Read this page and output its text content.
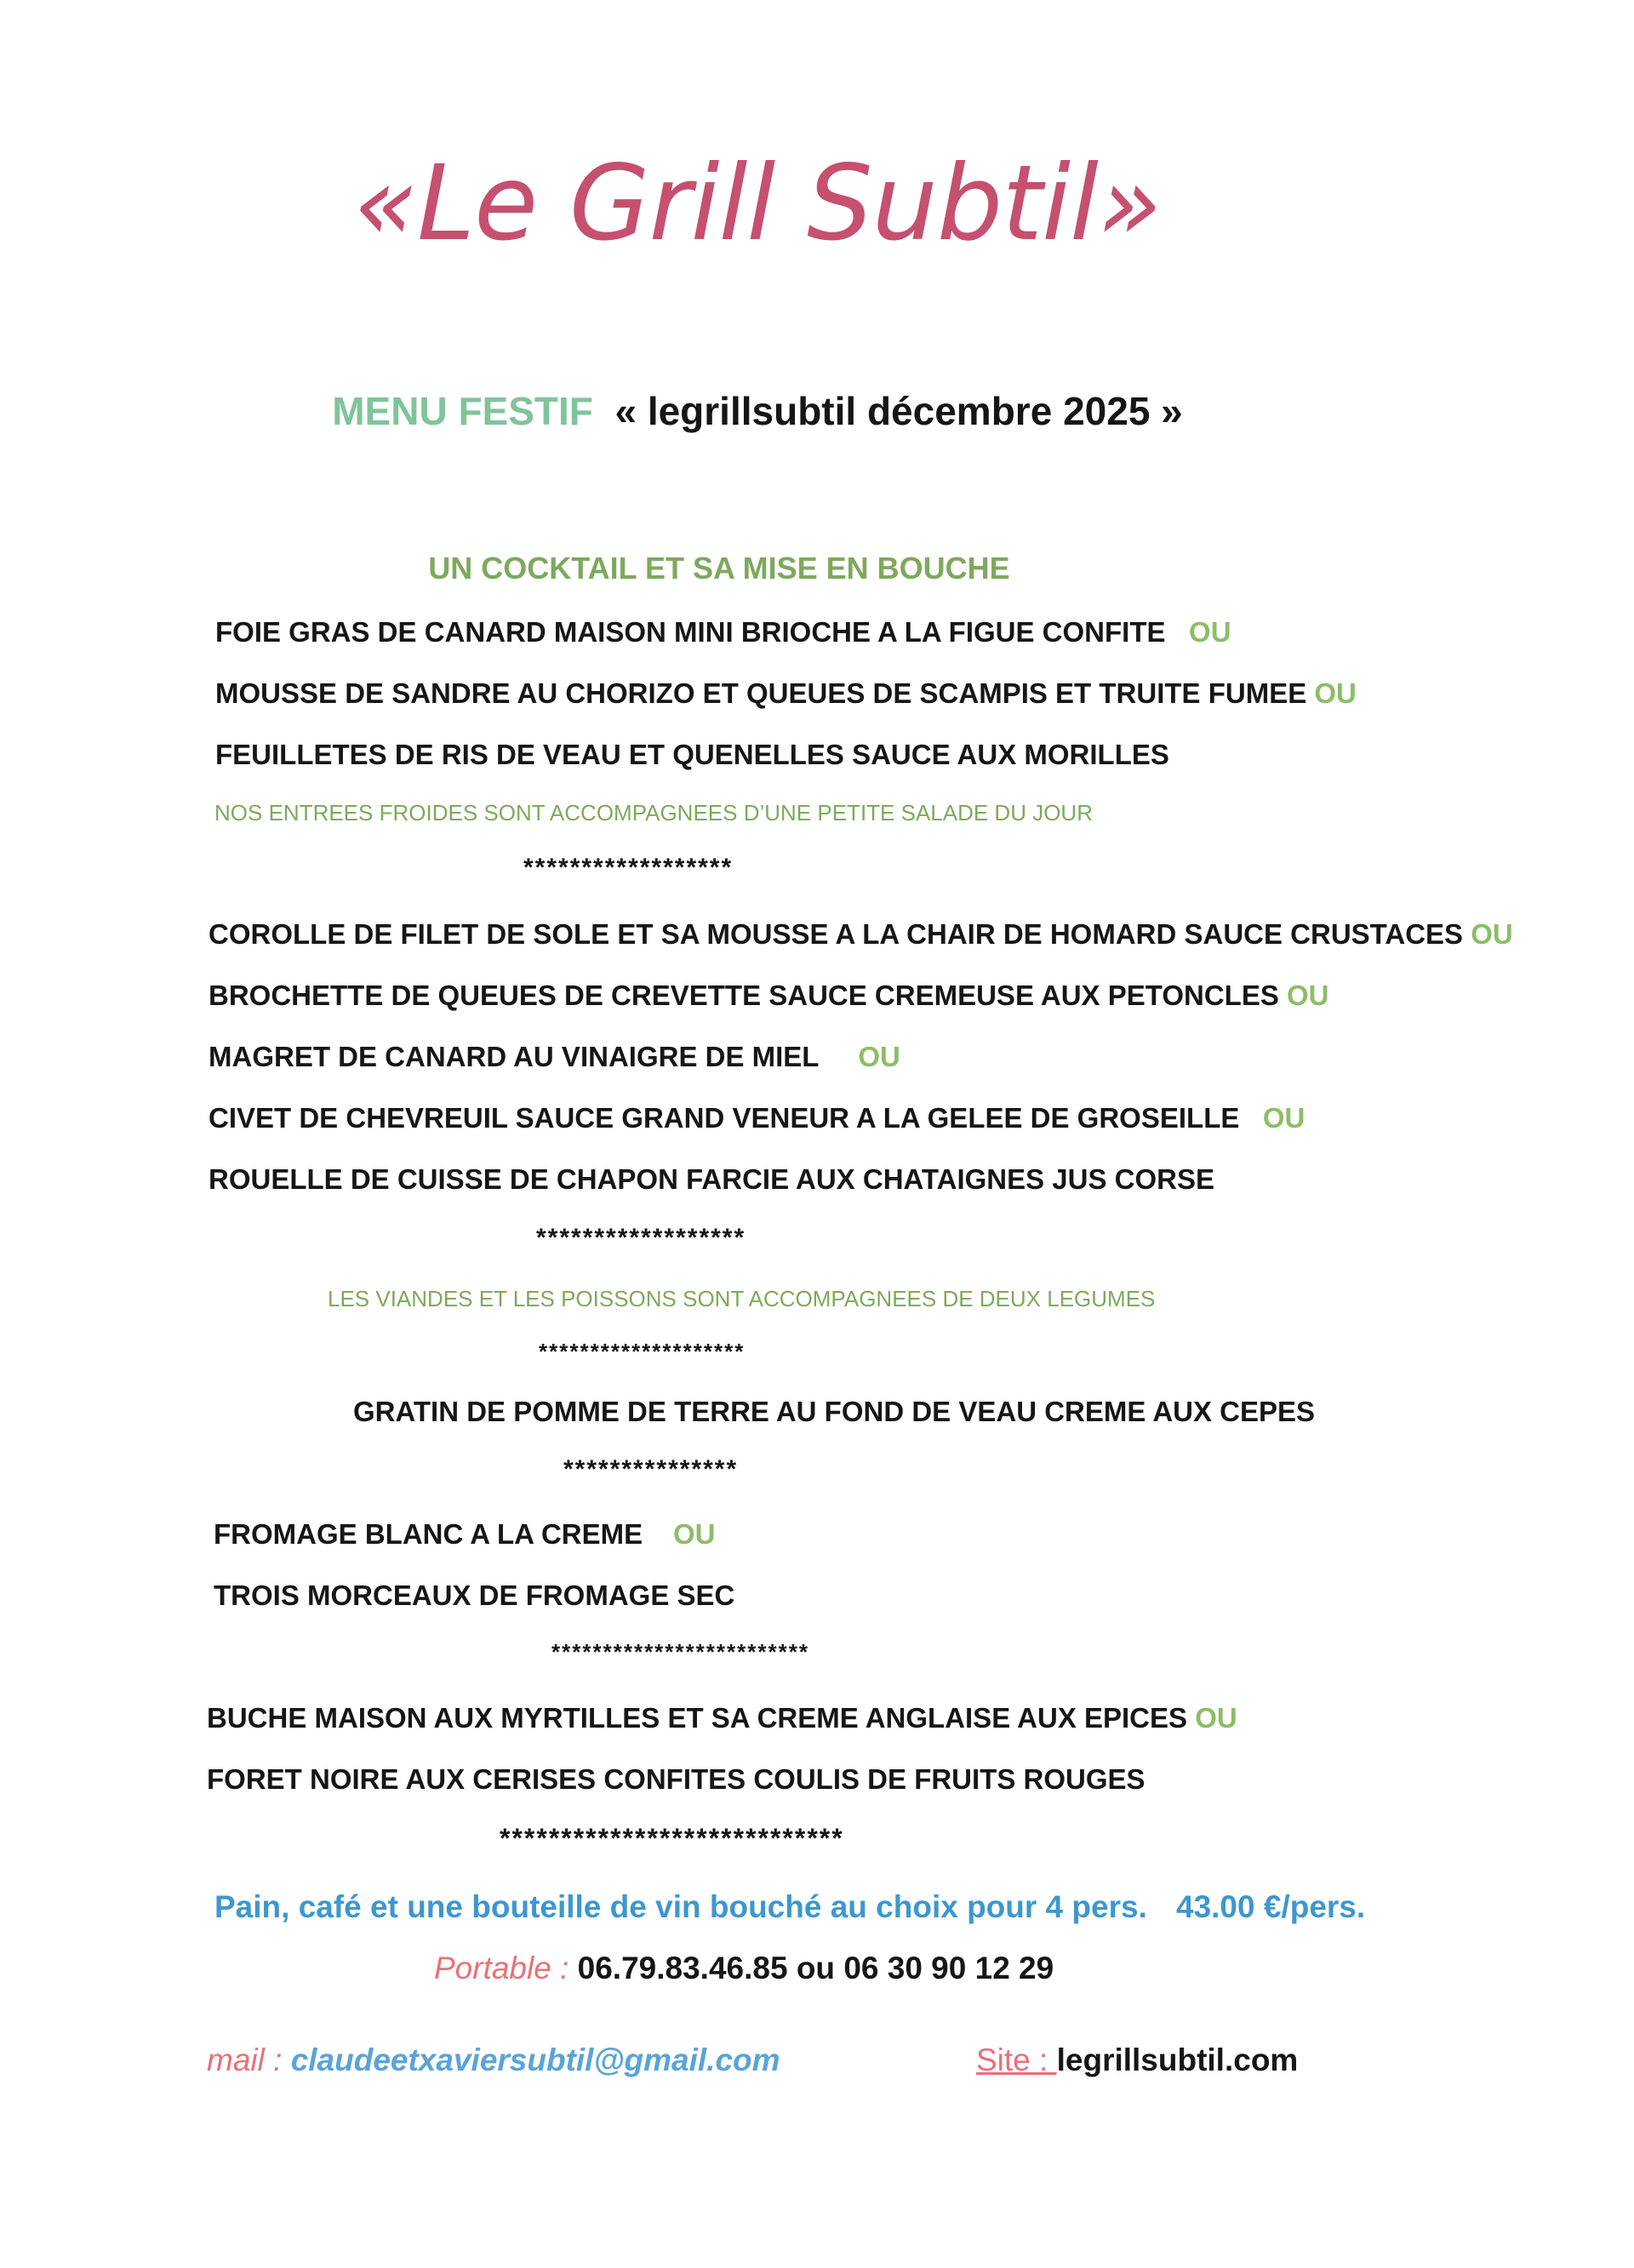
«Le Grill Subtil»
MENU FESTIF « legrillsubtil décembre 2025 »
UN COCKTAIL ET SA MISE EN BOUCHE
FOIE GRAS DE CANARD MAISON MINI BRIOCHE A LA FIGUE CONFITE OU
MOUSSE DE SANDRE AU CHORIZO ET QUEUES DE SCAMPIS ET TRUITE FUMEE OU
FEUILLETES DE RIS DE VEAU ET QUENELLES SAUCE AUX MORILLES
NOS ENTREES FROIDES SONT ACCOMPAGNEES D’UNE PETITE SALADE DU JOUR
******************
COROLLE DE FILET DE SOLE ET SA MOUSSE A LA CHAIR DE HOMARD SAUCE CRUSTACES OU
BROCHETTE DE QUEUES DE CREVETTE SAUCE CREMEUSE AUX PETONCLES OU
MAGRET DE CANARD AU VINAIGRE DE MIEL OU
CIVET DE CHEVREUIL SAUCE GRAND VENEUR A LA GELEE DE GROSEILLE OU
ROUELLE DE CUISSE DE CHAPON FARCIE AUX CHATAIGNES JUS CORSE
******************
LES VIANDES ET LES POISSONS SONT ACCOMPAGNEES DE DEUX LEGUMES
********************
GRATIN DE POMME DE TERRE AU FOND DE VEAU CREME AUX CEPES
***************
FROMAGE BLANC A LA CREME OU
TROIS MORCEAUX DE FROMAGE SEC
*************************
BUCHE MAISON AUX MYRTILLES ET SA CREME ANGLAISE AUX EPICES OU
FORET NOIRE AUX CERISES CONFITES COULIS DE FRUITS ROUGES
****************************
Pain, café et une bouteille de vin bouché au choix pour 4 pers. 43.00 €/pers.
Portable : 06.79.83.46.85 ou 06 30 90 12 29
mail : claudeetxaviersubtil@gmail.com	Site : legrillsubtil.com
